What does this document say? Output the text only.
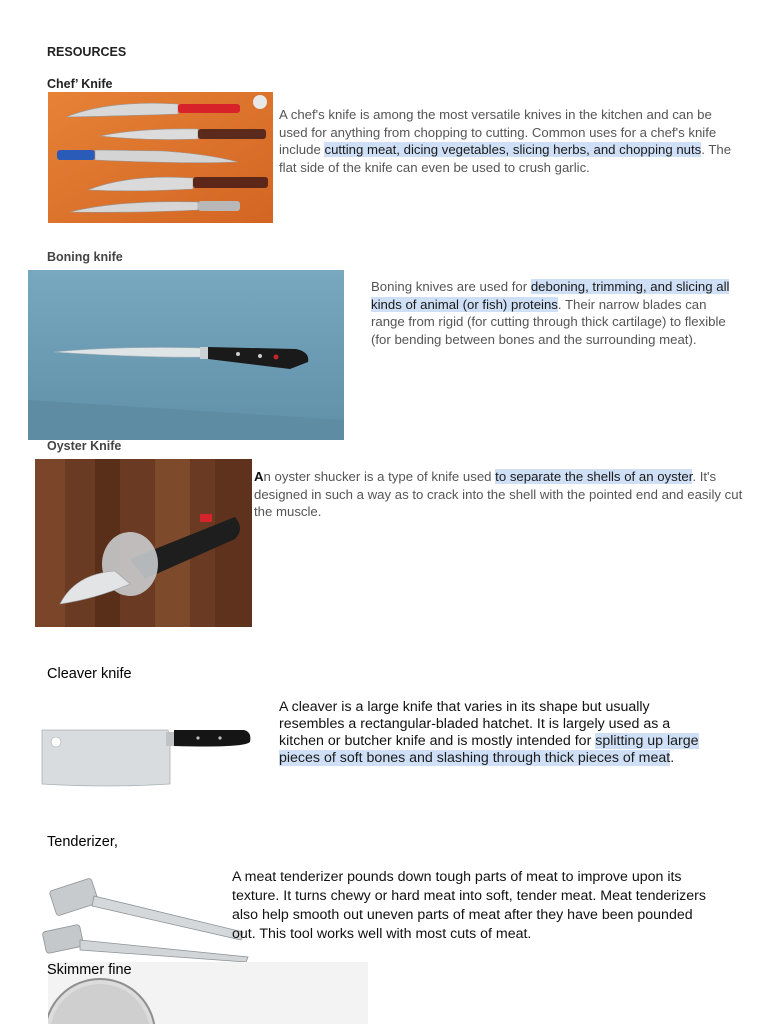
RESOURCES
Chef’ Knife
A chef's knife is among the most versatile knives in the kitchen and can be used for anything from chopping to cutting. Common uses for a chef's knife include cutting meat, dicing vegetables, slicing herbs, and chopping nuts. The flat side of the knife can even be used to crush garlic.
Boning knife
Boning knives are used for deboning, trimming, and slicing all kinds of animal (or fish) proteins. Their narrow blades can range from rigid (for cutting through thick cartilage) to flexible (for bending between bones and the surrounding meat).
Oyster Knife
An oyster shucker is a type of knife used to separate the shells of an oyster. It's designed in such a way as to crack into the shell with the pointed end and easily cut the muscle.
Cleaver knife
A cleaver is a large knife that varies in its shape but usually resembles a rectangular-bladed hatchet. It is largely used as a kitchen or butcher knife and is mostly intended for splitting up large pieces of soft bones and slashing through thick pieces of meat.
Tenderizer,
A meat tenderizer pounds down tough parts of meat to improve upon its texture. It turns chewy or hard meat into soft, tender meat. Meat tenderizers also help smooth out uneven parts of meat after they have been pounded out. This tool works well with most cuts of meat.
Skimmer fine
